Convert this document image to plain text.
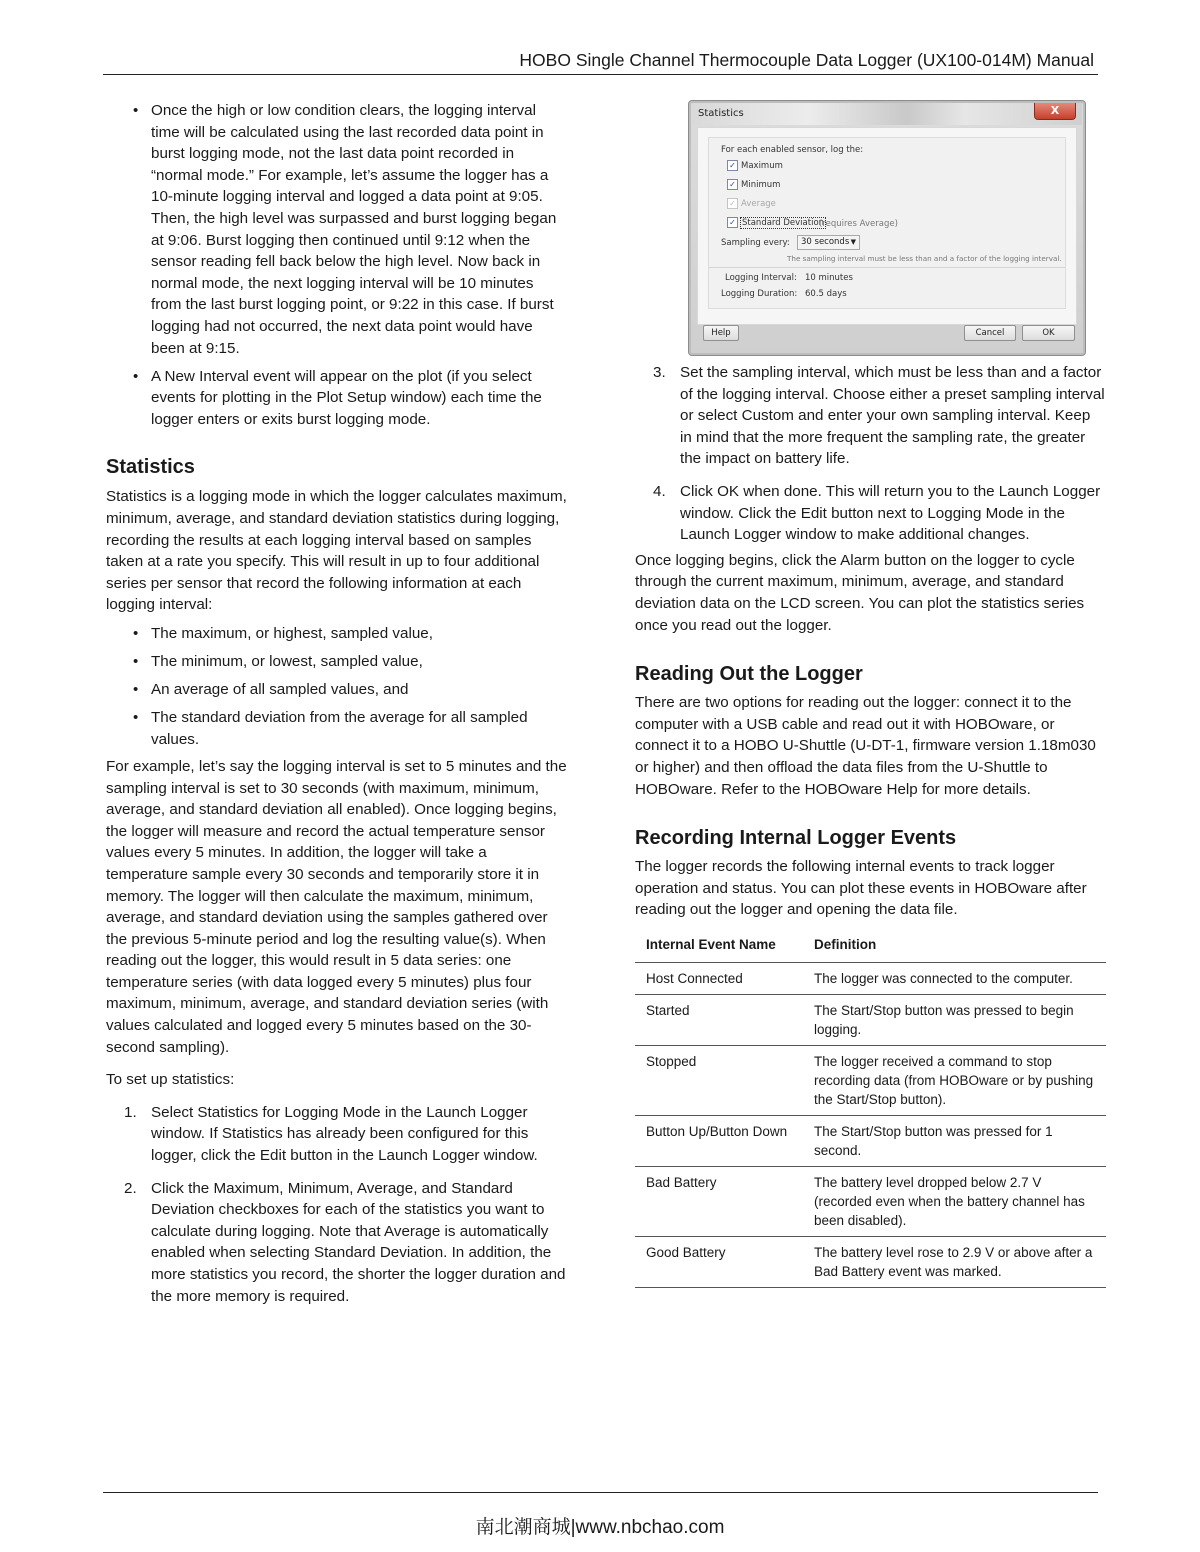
HOBO Single Channel Thermocouple Data Logger (UX100-014M) Manual
• Once the high or low condition clears, the logging interval time will be calculated using the last recorded data point in burst logging mode, not the last data point recorded in “normal mode.” For example, let’s assume the logger has a 10-minute logging interval and logged a data point at 9:05. Then, the high level was surpassed and burst logging began at 9:06. Burst logging then continued until 9:12 when the sensor reading fell back below the high level. Now back in normal mode, the next logging interval will be 10 minutes from the last burst logging point, or 9:22 in this case. If burst logging had not occurred, the next data point would have been at 9:15.
• A New Interval event will appear on the plot (if you select events for plotting in the Plot Setup window) each time the logger enters or exits burst logging mode.
Statistics

Statistics is a logging mode in which the logger calculates maximum, minimum, average, and standard deviation statistics during logging, recording the results at each logging interval based on samples taken at a rate you specify. This will result in up to four additional series per sensor that record the following information at each logging interval:

• The maximum, or highest, sampled value,
• The minimum, or lowest, sampled value,
• An average of all sampled values, and
• The standard deviation from the average for all sampled values.

For example, let’s say the logging interval is set to 5 minutes and the sampling interval is set to 30 seconds (with maximum, minimum, average, and standard deviation all enabled). Once logging begins, the logger will measure and record the actual temperature sensor values every 5 minutes. In addition, the logger will take a temperature sample every 30 seconds and temporarily store it in memory. The logger will then calculate the maximum, minimum, average, and standard deviation using the samples gathered over the previous 5-minute period and log the resulting value(s). When reading out the logger, this would result in 5 data series: one temperature series (with data logged every 5 minutes) plus four maximum, minimum, average, and standard deviation series (with values calculated and logged every 5 minutes based on the 30-second sampling).

To set up statistics:

1. Select Statistics for Logging Mode in the Launch Logger window. If Statistics has already been configured for this logger, click the Edit button in the Launch Logger window.
2. Click the Maximum, Minimum, Average, and Standard Deviation checkboxes for each of the statistics you want to calculate during logging. Note that Average is automatically enabled when selecting Standard Deviation. In addition, the more statistics you record, the shorter the logger duration and the more memory is required.
Statistics	X
For each enabled sensor, log the:
✓ Maximum
✓ Minimum
✓ Average
✓ Standard Deviation
(requires Average)
Sampling every:	30 seconds ▼
The sampling interval must be less than and a factor of the logging interval.
Logging Interval: 10 minutes
Logging Duration: 60.5 days
Help	Cancel	OK
3. Set the sampling interval, which must be less than and a factor of the logging interval. Choose either a preset sampling interval or select Custom and enter your own sampling interval. Keep in mind that the more frequent the sampling rate, the greater the impact on battery life.
4. Click OK when done. This will return you to the Launch Logger window. Click the Edit button next to Logging Mode in the Launch Logger window to make additional changes.

Once logging begins, click the Alarm button on the logger to cycle through the current maximum, minimum, average, and standard deviation data on the LCD screen. You can plot the statistics series once you read out the logger.

Reading Out the Logger

There are two options for reading out the logger: connect it to the computer with a USB cable and read out it with HOBOware, or connect it to a HOBO U-Shuttle (U-DT-1, firmware version 1.18m030 or higher) and then offload the data files from the U-Shuttle to HOBOware. Refer to the HOBOware Help for more details.

Recording Internal Logger Events

The logger records the following internal events to track logger operation and status. You can plot these events in HOBOware after reading out the logger and opening the data file.

Internal Event Name	Definition
Host Connected	The logger was connected to the computer.
Started	The Start/Stop button was pressed to begin logging.
Stopped	The logger received a command to stop recording data (from HOBOware or by pushing the Start/Stop button).
Button Up/Button Down	The Start/Stop button was pressed for 1 second.
Bad Battery	The battery level dropped below 2.7 V (recorded even when the battery channel has been disabled).
Good Battery	The battery level rose to 2.9 V or above after a Bad Battery event was marked.
南北潮商城|www.nbchao.com
